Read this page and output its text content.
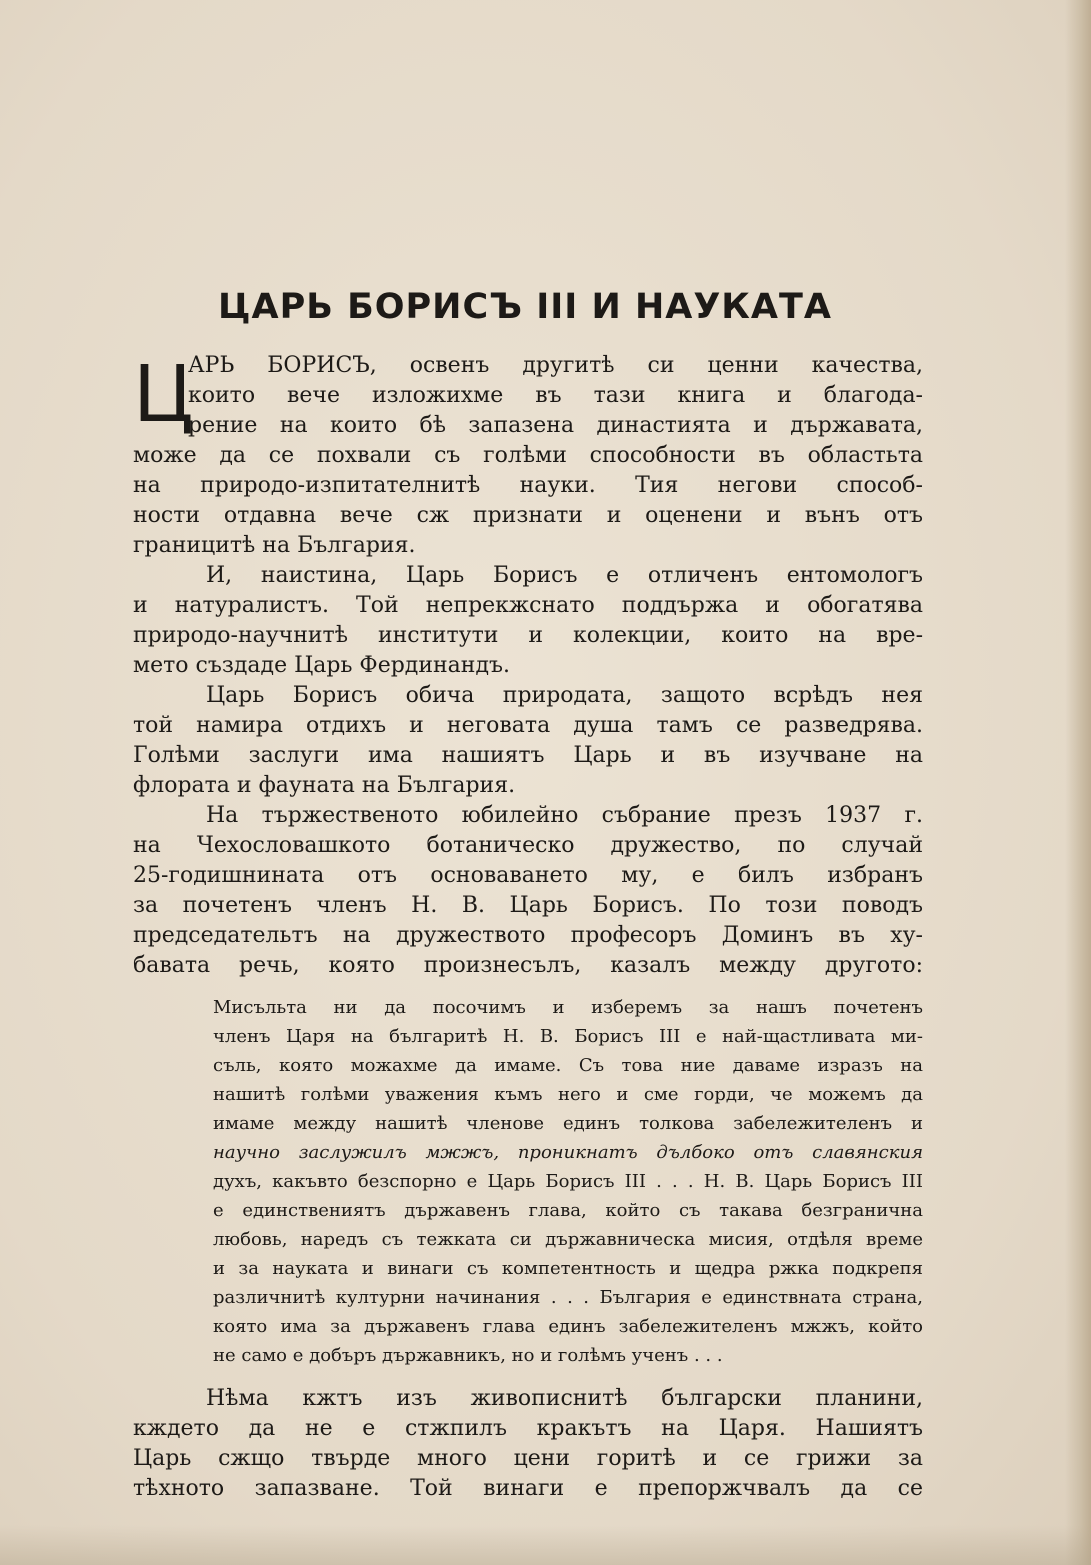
ЦАРЬ БОРИСЪ III И НАУКАТА
Ц
АРЬ БОРИСЪ, освенъ другитѣ си ценни качества,
които вече изложихме въ тази книга и благода-
рение на които бѣ запазена династията и държавата,
може да се похвали съ голѣми способности въ областьта
на природо-изпитателнитѣ науки. Тия негови способ-
ности отдавна вече сж признати и оценени и вънъ отъ
границитѣ на България.
И, наистина, Царь Борисъ е отличенъ ентомологъ
и натуралистъ. Той непрекжснато поддържа и обогатява
природо-научнитѣ институти и колекции, които на вре-
мето създаде Царь Фердинандъ.
Царь Борисъ обича природата, защото всрѣдъ нея
той намира отдихъ и неговата душа тамъ се разведрява.
Голѣми заслуги има нашиятъ Царь и въ изучване на
флората и фауната на България.
На тържественото юбилейно събрание презъ 1937 г.
на Чехословашкото ботаническо дружество, по случай
25-годишнината отъ основаването му, е билъ избранъ
за почетенъ членъ Н. В. Царь Борисъ. По този поводъ
председательтъ на дружеството професоръ Доминъ въ ху-
бавата речь, която произнесълъ, казалъ между другото:
Мисъльта ни да посочимъ и изберемъ за нашъ почетенъ
членъ Царя на българитѣ Н. В. Борисъ III е най-щастливата ми-
съль, която можахме да имаме. Съ това ние даваме изразъ на
нашитѣ голѣми уважения къмъ него и сме горди, че можемъ да
имаме между нашитѣ членове единъ толкова забележителенъ и
научно заслужилъ мжжъ, проникнатъ дълбоко отъ славянския
духъ, какъвто безспорно е Царь Борисъ III . . . Н. В. Царь Борисъ III
е единствениятъ държавенъ глава, който съ такава безгранична
любовь, наредъ съ тежката си държавническа мисия, отдѣля време
и за науката и винаги съ компетентность и щедра ржка подкрепя
различнитѣ културни начинания . . . България е единствната страна,
която има за държавенъ глава единъ забележителенъ мжжъ, който
не само е добъръ държавникъ, но и голѣмъ ученъ . . .
Нѣма кжтъ изъ живописнитѣ български планини,
кждето да не е стжпилъ кракътъ на Царя. Нашиятъ
Царь сжщо твърде много цени горитѣ и се грижи за
тѣхното запазване. Той винаги е препоржчвалъ да се
